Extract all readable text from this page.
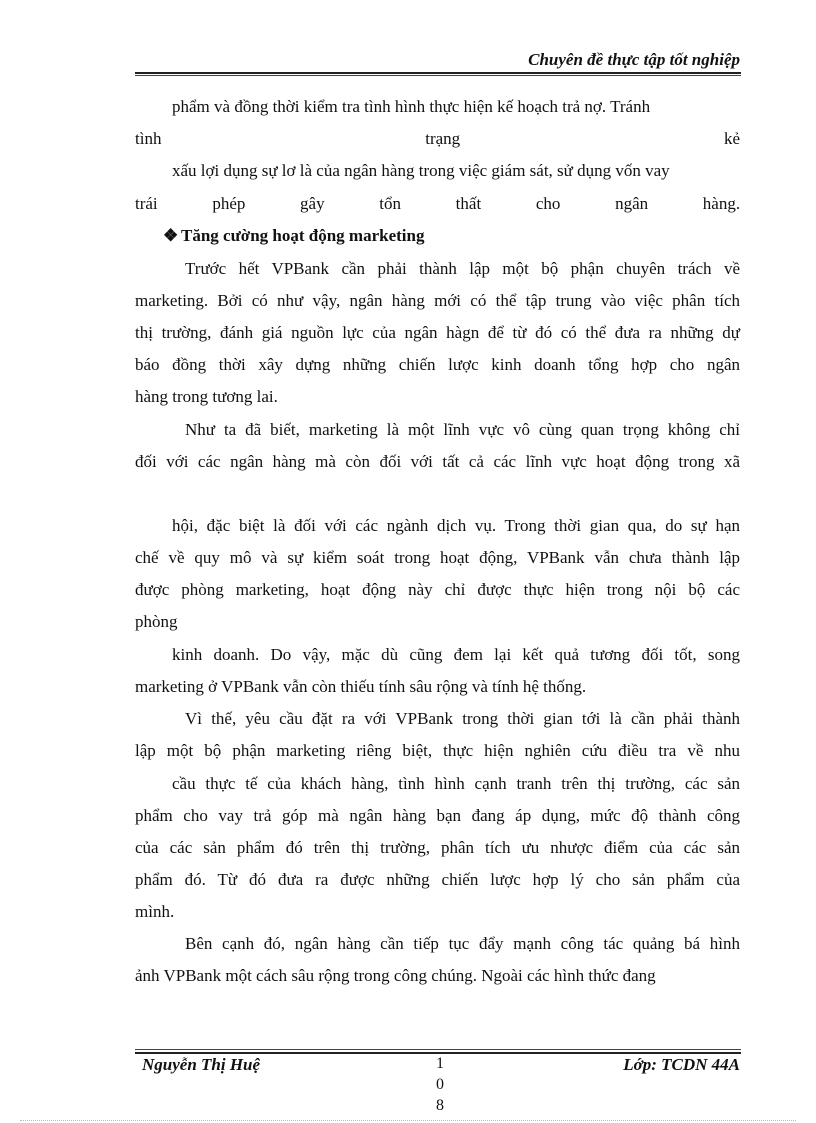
Chuyên đề thực tập tốt nghiệp
phẩm và đồng thời kiểm tra tình hình thực hiện kế hoạch trả nợ. Tránh
tình	trạng	kẻ
xấu lợi dụng sự lơ là của ngân hàng trong việc giám sát, sử dụng vốn vay
trái	phép	gây	tổn	thất	cho	ngân	hàng.
❖ Tăng cường hoạt động marketing
Trước hết VPBank cần phải thành lập một bộ phận chuyên trách về
marketing. Bởi có như vậy, ngân hàng mới có thể tập trung vào việc phân tích
thị trường, đánh giá nguồn lực của ngân hàgn để từ đó có thể đưa ra những dự
báo đồng thời xây dựng những chiến lược kinh doanh tổng hợp cho ngân
hàng trong tương lai.
Như ta đã biết, marketing là một lĩnh vực vô cùng quan trọng không chỉ
đối với các ngân hàng mà còn đối với tất cả các lĩnh vực hoạt động trong xã
hội, đặc biệt là đối với các ngành dịch vụ. Trong thời gian qua, do sự hạn
chế về quy mô và sự kiểm soát trong hoạt động, VPBank vẫn chưa thành lập
được phòng marketing, hoạt động này chỉ được thực hiện trong nội bộ các
phòng
kinh doanh. Do vậy, mặc dù cũng đem lại kết quả tương đối tốt, song
marketing ở VPBank vẫn còn thiếu tính sâu rộng và tính hệ thống.
Vì thế, yêu cầu đặt ra với VPBank trong thời gian tới là cần phải thành
lập một bộ phận marketing riêng biệt, thực hiện nghiên cứu điều tra về nhu
cầu thực tế của khách hàng, tình hình cạnh tranh trên thị trường, các sản
phẩm cho vay trả góp mà ngân hàng bạn đang áp dụng, mức độ thành công
của các sản phẩm đó trên thị trường, phân tích ưu nhược điểm của các sản
phẩm đó. Từ đó đưa ra được những chiến lược hợp lý cho sản phẩm của
mình.
Bên cạnh đó, ngân hàng cần tiếp tục đẩy mạnh công tác quảng bá hình
ảnh VPBank một cách sâu rộng trong công chúng. Ngoài các hình thức đang
Nguyễn Thị Huệ	1
0
8
Lớp: TCDN 44A
